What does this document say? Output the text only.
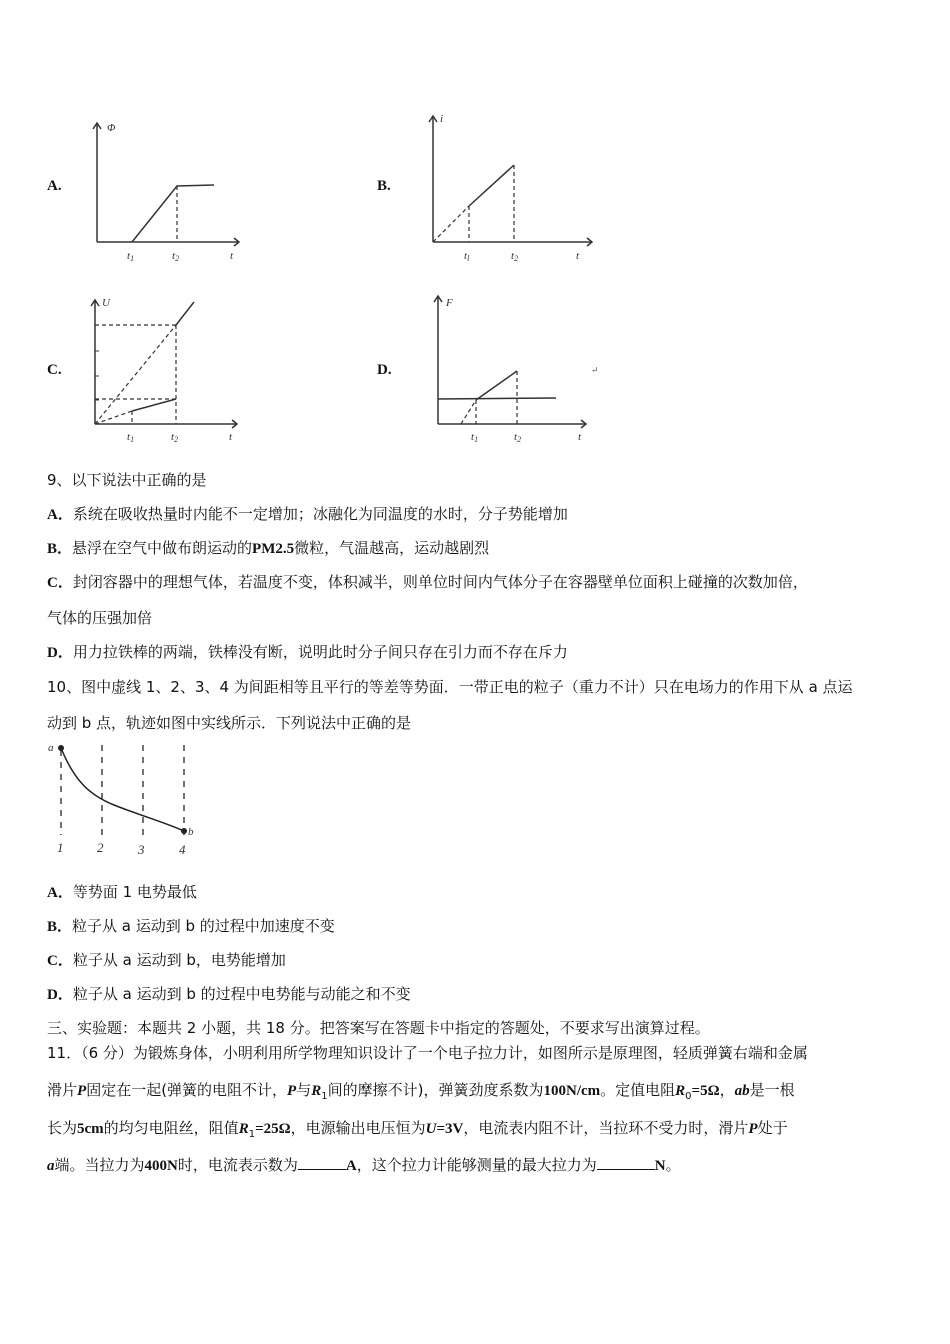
A.
Φ
t1	t2	t
B.
i
tl	t2	t
C.
U
t1	t2	t
D.
F
t1	t2	t
↵
9、以下说法中正确的是
A．系统在吸收热量时内能不一定增加；冰融化为同温度的水时，分子势能增加
B．悬浮在空气中做布朗运动的PM2.5微粒，气温越高，运动越剧烈
C．封闭容器中的理想气体，若温度不变，体积减半，则单位时间内气体分子在容器壁单位面积上碰撞的次数加倍，
气体的压强加倍
D．用力拉铁棒的两端，铁棒没有断，说明此时分子间只存在引力而不存在斥力
10、图中虚线 1、2、3、4 为间距相等且平行的等差等势面．一带正电的粒子（重力不计）只在电场力的作用下从 a 点运
动到 b 点，轨迹如图中实线所示．下列说法中正确的是
a
b
1	2	3	4
A．等势面 1 电势最低
B．粒子从 a 运动到 b 的过程中加速度不变
C．粒子从 a 运动到 b，电势能增加
D．粒子从 a 运动到 b 的过程中电势能与动能之和不变
三、实验题：本题共 2 小题，共 18 分。把答案写在答题卡中指定的答题处，不要求写出演算过程。
11．（6 分）为锻炼身体，小明利用所学物理知识设计了一个电子拉力计，如图所示是原理图，轻质弹簧右端和金属
滑片P固定在一起(弹簧的电阻不计，P与$R_1$间的摩擦不计)，弹簧劲度系数为100N/cm。定值电阻$R_0=5\Omega$，ab是一根
长为5cm的均匀电阻丝，阻值$R_1=25\Omega$，电源输出电压恒为U=3V，电流表内阻不计，当拉环不受力时，滑片P处于
a端。当拉力为400N时，电流表示数为	A，这个拉力计能够测量的最大拉力为	N。
